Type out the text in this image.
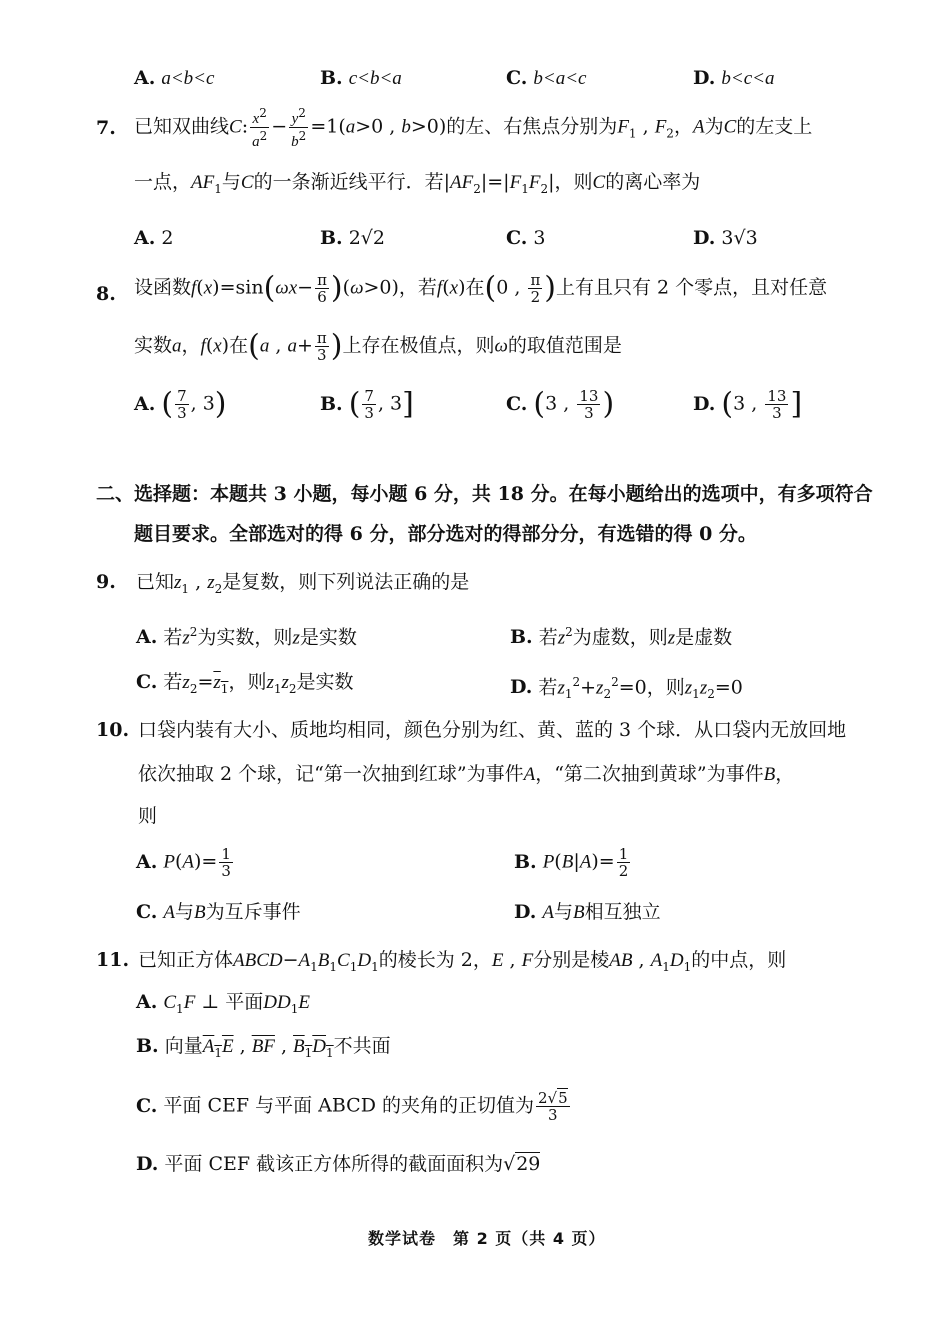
A. a<b<c	B. c<b<a	C. b<a<c	D. b<c<a
7. 已知双曲线C: $\frac{x^2}{a^2} - \frac{y^2}{b^2} =1(a>0$ , b>0)的左、右焦点分别为$F_1$ , $F_2$，A为C的左支上
一点，$AF_1$与C的一条渐近线平行．若$|AF_2|=|F_1F_2|$，则C的离心率为
A. 2	B. 2√2	C. 3	D. 3√3
8. 设函数$f(x)=\sin(\omega x- \frac{\pi}{6} )(\omega>0)$，若f(x)在(0 , $\frac{\pi}{2}$ )上有且只有 2 个零点，且对任意
实数a，f(x)在(a , $a+ \frac{\pi}{3}$ )上存在极值点，则ω的取值范围是
A. ( $\frac{7}{3}$ , 3)	B. ( $\frac{7}{3}$ , 3]	C. (3 , $\frac{13}{3}$ )	D. (3 , $\frac{13}{3}$ ]
二、选择题：本题共 3 小题，每小题 6 分，共 18 分。在每小题给出的选项中，有多项符合
题目要求。全部选对的得 6 分，部分选对的得部分分，有选错的得 0 分。
9. 已知$z_1$ , $z_2$是复数，则下列说法正确的是
A. 若$z^2$为实数，则z是实数	B. 若$z^2$为虚数，则z是虚数
C. 若$z_2=z_1$，则$z_1z_2$是实数	D. 若$z_1^2+z_2^2=0$，则$z_1z_2=0$
10. 口袋内装有大小、质地均相同，颜色分别为红、黄、蓝的 3 个球．从口袋内无放回地
依次抽取 2 个球，记“第一次抽到红球”为事件A，“第二次抽到黄球”为事件B，
则
A. $P(A)= \frac{1}{3}$	B. $P(B|A)= \frac{1}{2}$
C. A与B为互斥事件	D. A与B相互独立
11. 已知正方体$ABCD-A_1B_1C_1D_1$的棱长为 2，E , F分别是棱AB , $A_1D_1$的中点，则
A. $C_1F$ ⊥ 平面$DD_1E$
B. 向量$A_1E$ , $\overline{BF}$ , $B_1D_1$不共面
C. 平面 CEF 与平面 ABCD 的夹角的正切值为 $\frac{2√5}{3}$
D. 平面 CEF 截该正方体所得的截面面积为√29
数学试卷　第 2 页（共 4 页）
